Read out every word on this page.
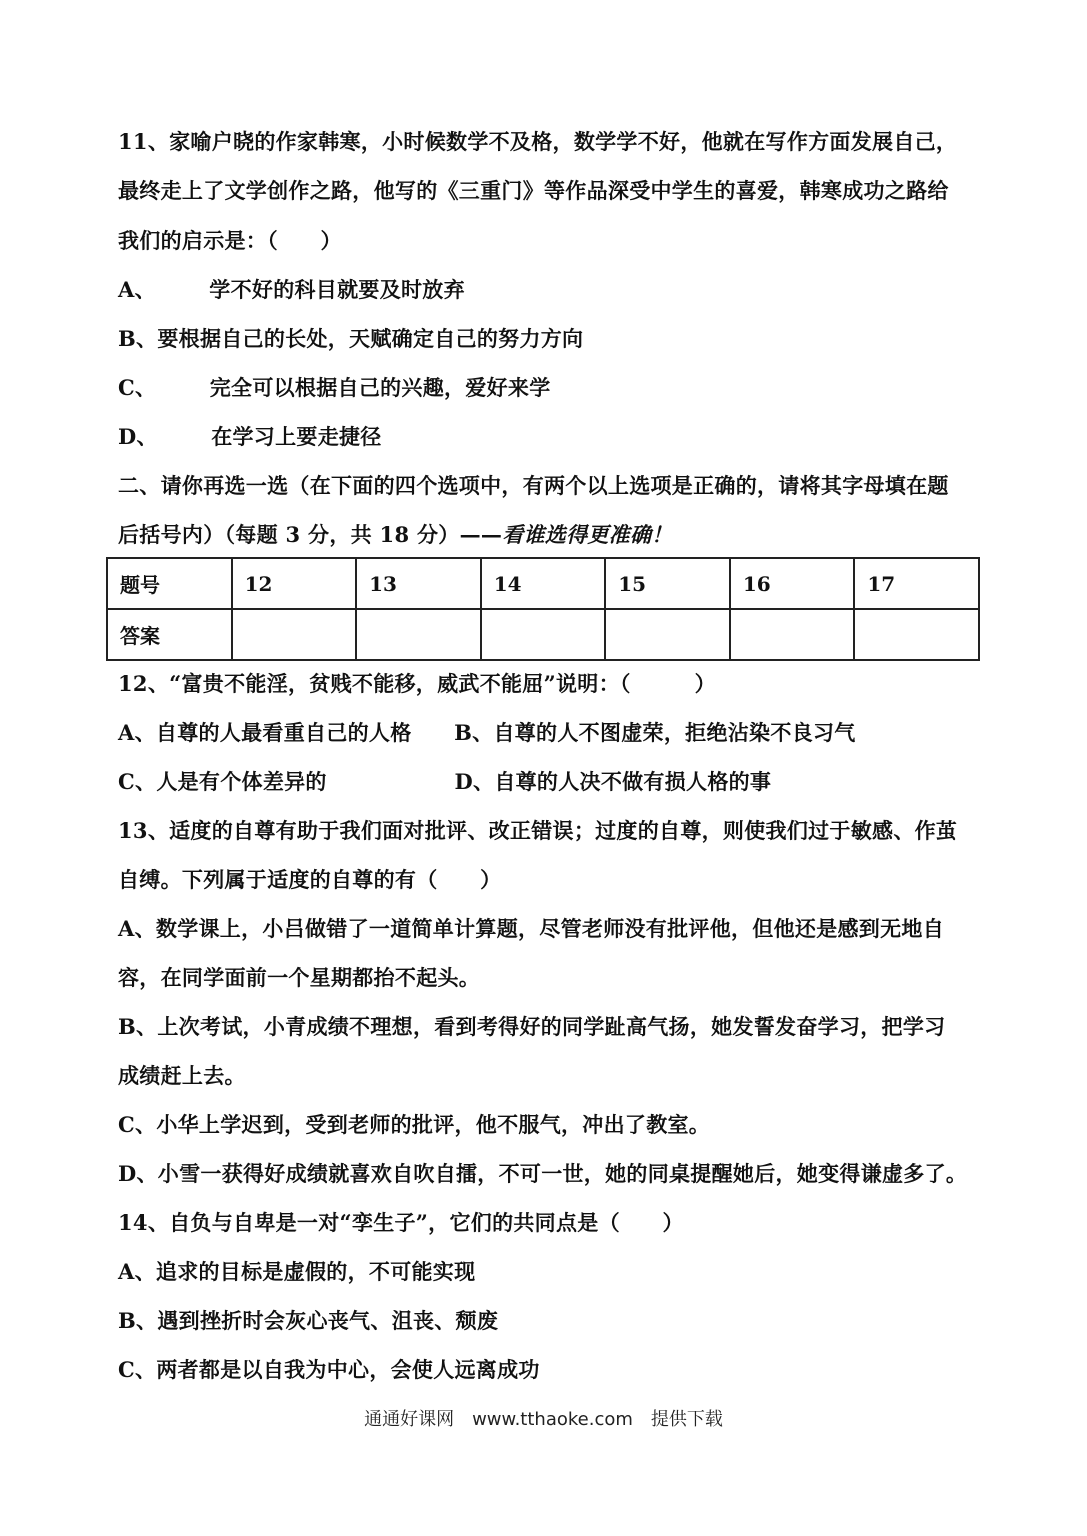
11、家喻户晓的作家韩寒，小时候数学不及格，数学学不好，他就在写作方面发展自己，
最终走上了文学创作之路，他写的《三重门》等作品深受中学生的喜爱，韩寒成功之路给
我们的启示是：（　　）
A、　　　学不好的科目就要及时放弃
B、要根据自己的长处，天赋确定自己的努力方向
C、　　　完全可以根据自己的兴趣，爱好来学
D、　　　在学习上要走捷径
二、请你再选一选（在下面的四个选项中，有两个以上选项是正确的，请将其字母填在题
后括号内）（每题 3 分，共 18 分）——看谁选得更准确！
题号	12	13	14	15	16	17
答案						
12、“富贵不能淫，贫贱不能移，威武不能屈”说明：（　　　）
A、自尊的人最看重自己的人格　　B、自尊的人不图虚荣，拒绝沾染不良习气
C、人是有个体差异的　　　　　　D、自尊的人决不做有损人格的事
13、适度的自尊有助于我们面对批评、改正错误；过度的自尊，则使我们过于敏感、作茧
自缚。下列属于适度的自尊的有（　　）
A、数学课上，小吕做错了一道简单计算题，尽管老师没有批评他，但他还是感到无地自
容，在同学面前一个星期都抬不起头。
B、上次考试，小青成绩不理想，看到考得好的同学趾高气扬，她发誓发奋学习，把学习
成绩赶上去。
C、小华上学迟到，受到老师的批评，他不服气，冲出了教室。
D、小雪一获得好成绩就喜欢自吹自擂，不可一世，她的同桌提醒她后，她变得谦虚多了。
14、自负与自卑是一对“孪生子”，它们的共同点是（　　）
A、追求的目标是虚假的，不可能实现
B、遇到挫折时会灰心丧气、沮丧、颓废
C、两者都是以自我为中心，会使人远离成功
通通好课网　www.tthaoke.com　提供下载
